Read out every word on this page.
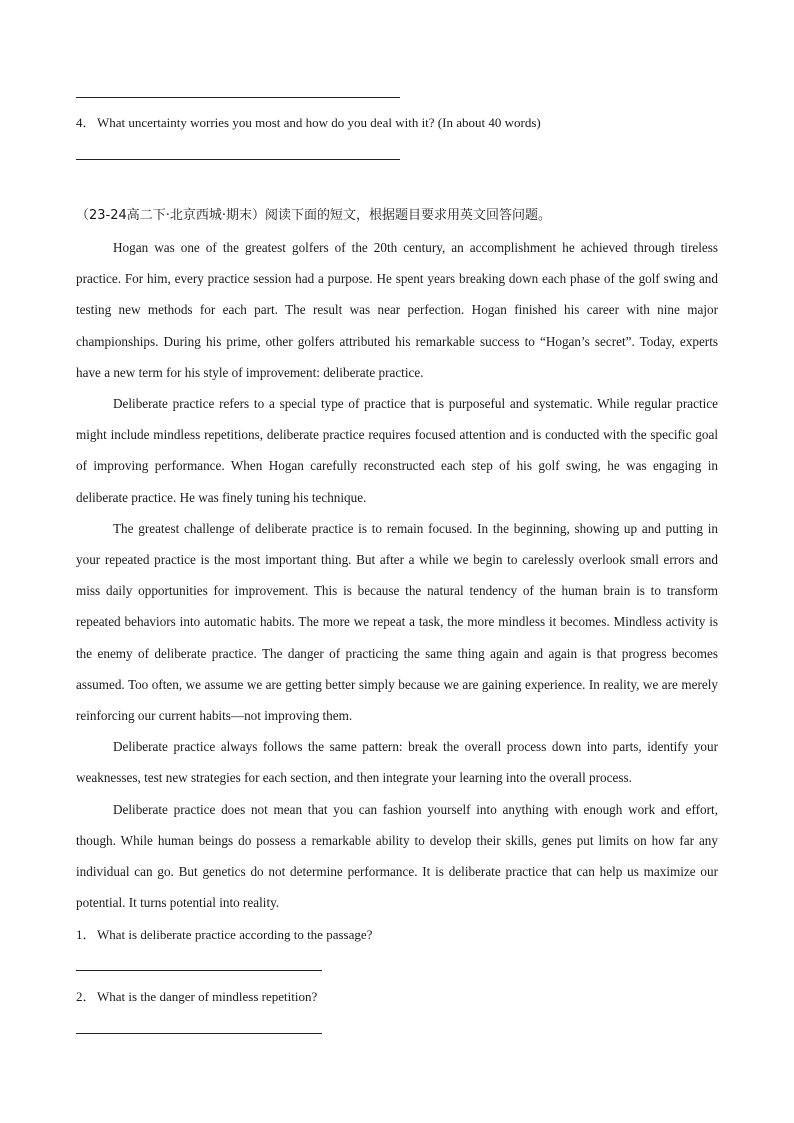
4．What uncertainty worries you most and how do you deal with it? (In about 40 words)
（23-24高二下·北京西城·期末）阅读下面的短文，根据题目要求用英文回答问题。

Hogan was one of the greatest golfers of the 20th century, an accomplishment he achieved through tireless practice. For him, every practice session had a purpose. He spent years breaking down each phase of the golf swing and testing new methods for each part. The result was near perfection. Hogan finished his career with nine major championships. During his prime, other golfers attributed his remarkable success to “Hogan’s secret”. Today, experts have a new term for his style of improvement: deliberate practice.

Deliberate practice refers to a special type of practice that is purposeful and systematic. While regular practice might include mindless repetitions, deliberate practice requires focused attention and is conducted with the specific goal of improving performance. When Hogan carefully reconstructed each step of his golf swing, he was engaging in deliberate practice. He was finely tuning his technique.

The greatest challenge of deliberate practice is to remain focused. In the beginning, showing up and putting in your repeated practice is the most important thing. But after a while we begin to carelessly overlook small errors and miss daily opportunities for improvement. This is because the natural tendency of the human brain is to transform repeated behaviors into automatic habits. The more we repeat a task, the more mindless it becomes. Mindless activity is the enemy of deliberate practice. The danger of practicing the same thing again and again is that progress becomes assumed. Too often, we assume we are getting better simply because we are gaining experience. In reality, we are merely reinforcing our current habits—not improving them.

Deliberate practice always follows the same pattern: break the overall process down into parts, identify your weaknesses, test new strategies for each section, and then integrate your learning into the overall process.

Deliberate practice does not mean that you can fashion yourself into anything with enough work and effort, though. While human beings do possess a remarkable ability to develop their skills, genes put limits on how far any individual can go. But genetics do not determine performance. It is deliberate practice that can help us maximize our potential. It turns potential into reality.

1．What is deliberate practice according to the passage?
2．What is the danger of mindless repetition?
